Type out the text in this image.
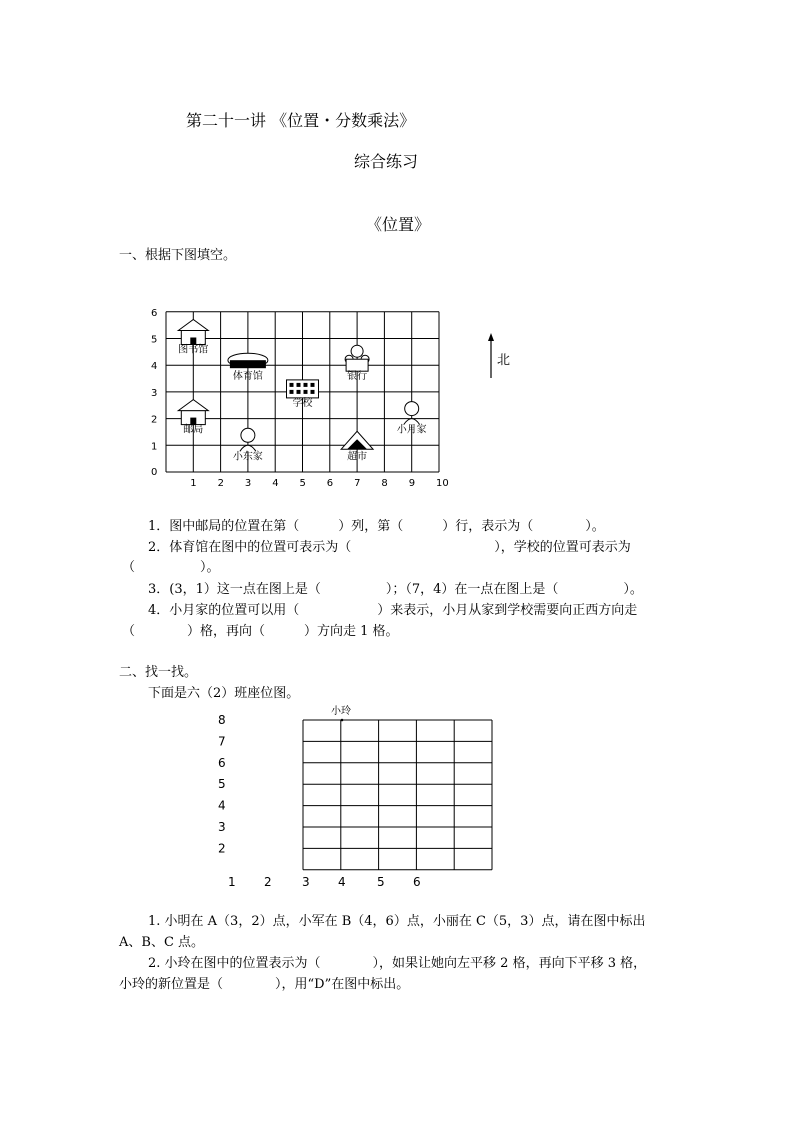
第二十一讲 《位置・分数乘法》
综合练习
《位置》
一、根据下图填空。
0
1 2 3 4 5 6 7 8 9 10
1
2
3
4
5
6
图书馆
体育馆	银行
学校
邮局	小月家
小东家	超市
北
1．图中邮局的位置在第（　　　）列，第（　　　）行，表示为（　　　　）。
2．体育馆在图中的位置可表示为（　　　　　　　　　　　），学校的位置可表示为
（　　　　　）。
3．(3，1）这一点在图上是（　　　　　）；（7，4）在一点在图上是（　　　　　）。
4．小月家的位置可以用（　　　　　　）来表示，小月从家到学校需要向正西方向走
（　　　　）格，再向（　　　）方向走 1 格。
二、找一找。
下面是六（2）班座位图。
8
7
6
5
4
3
2
1 2	3 4	5 6
小玲
1. 小明在 A（3，2）点，小军在 B（4，6）点，小丽在 C（5，3）点，请在图中标出
A、B、C 点。
2. 小玲在图中的位置表示为（　　　　），如果让她向左平移 2 格，再向下平移 3 格，
小玲的新位置是（　　　　），用“D”在图中标出。
